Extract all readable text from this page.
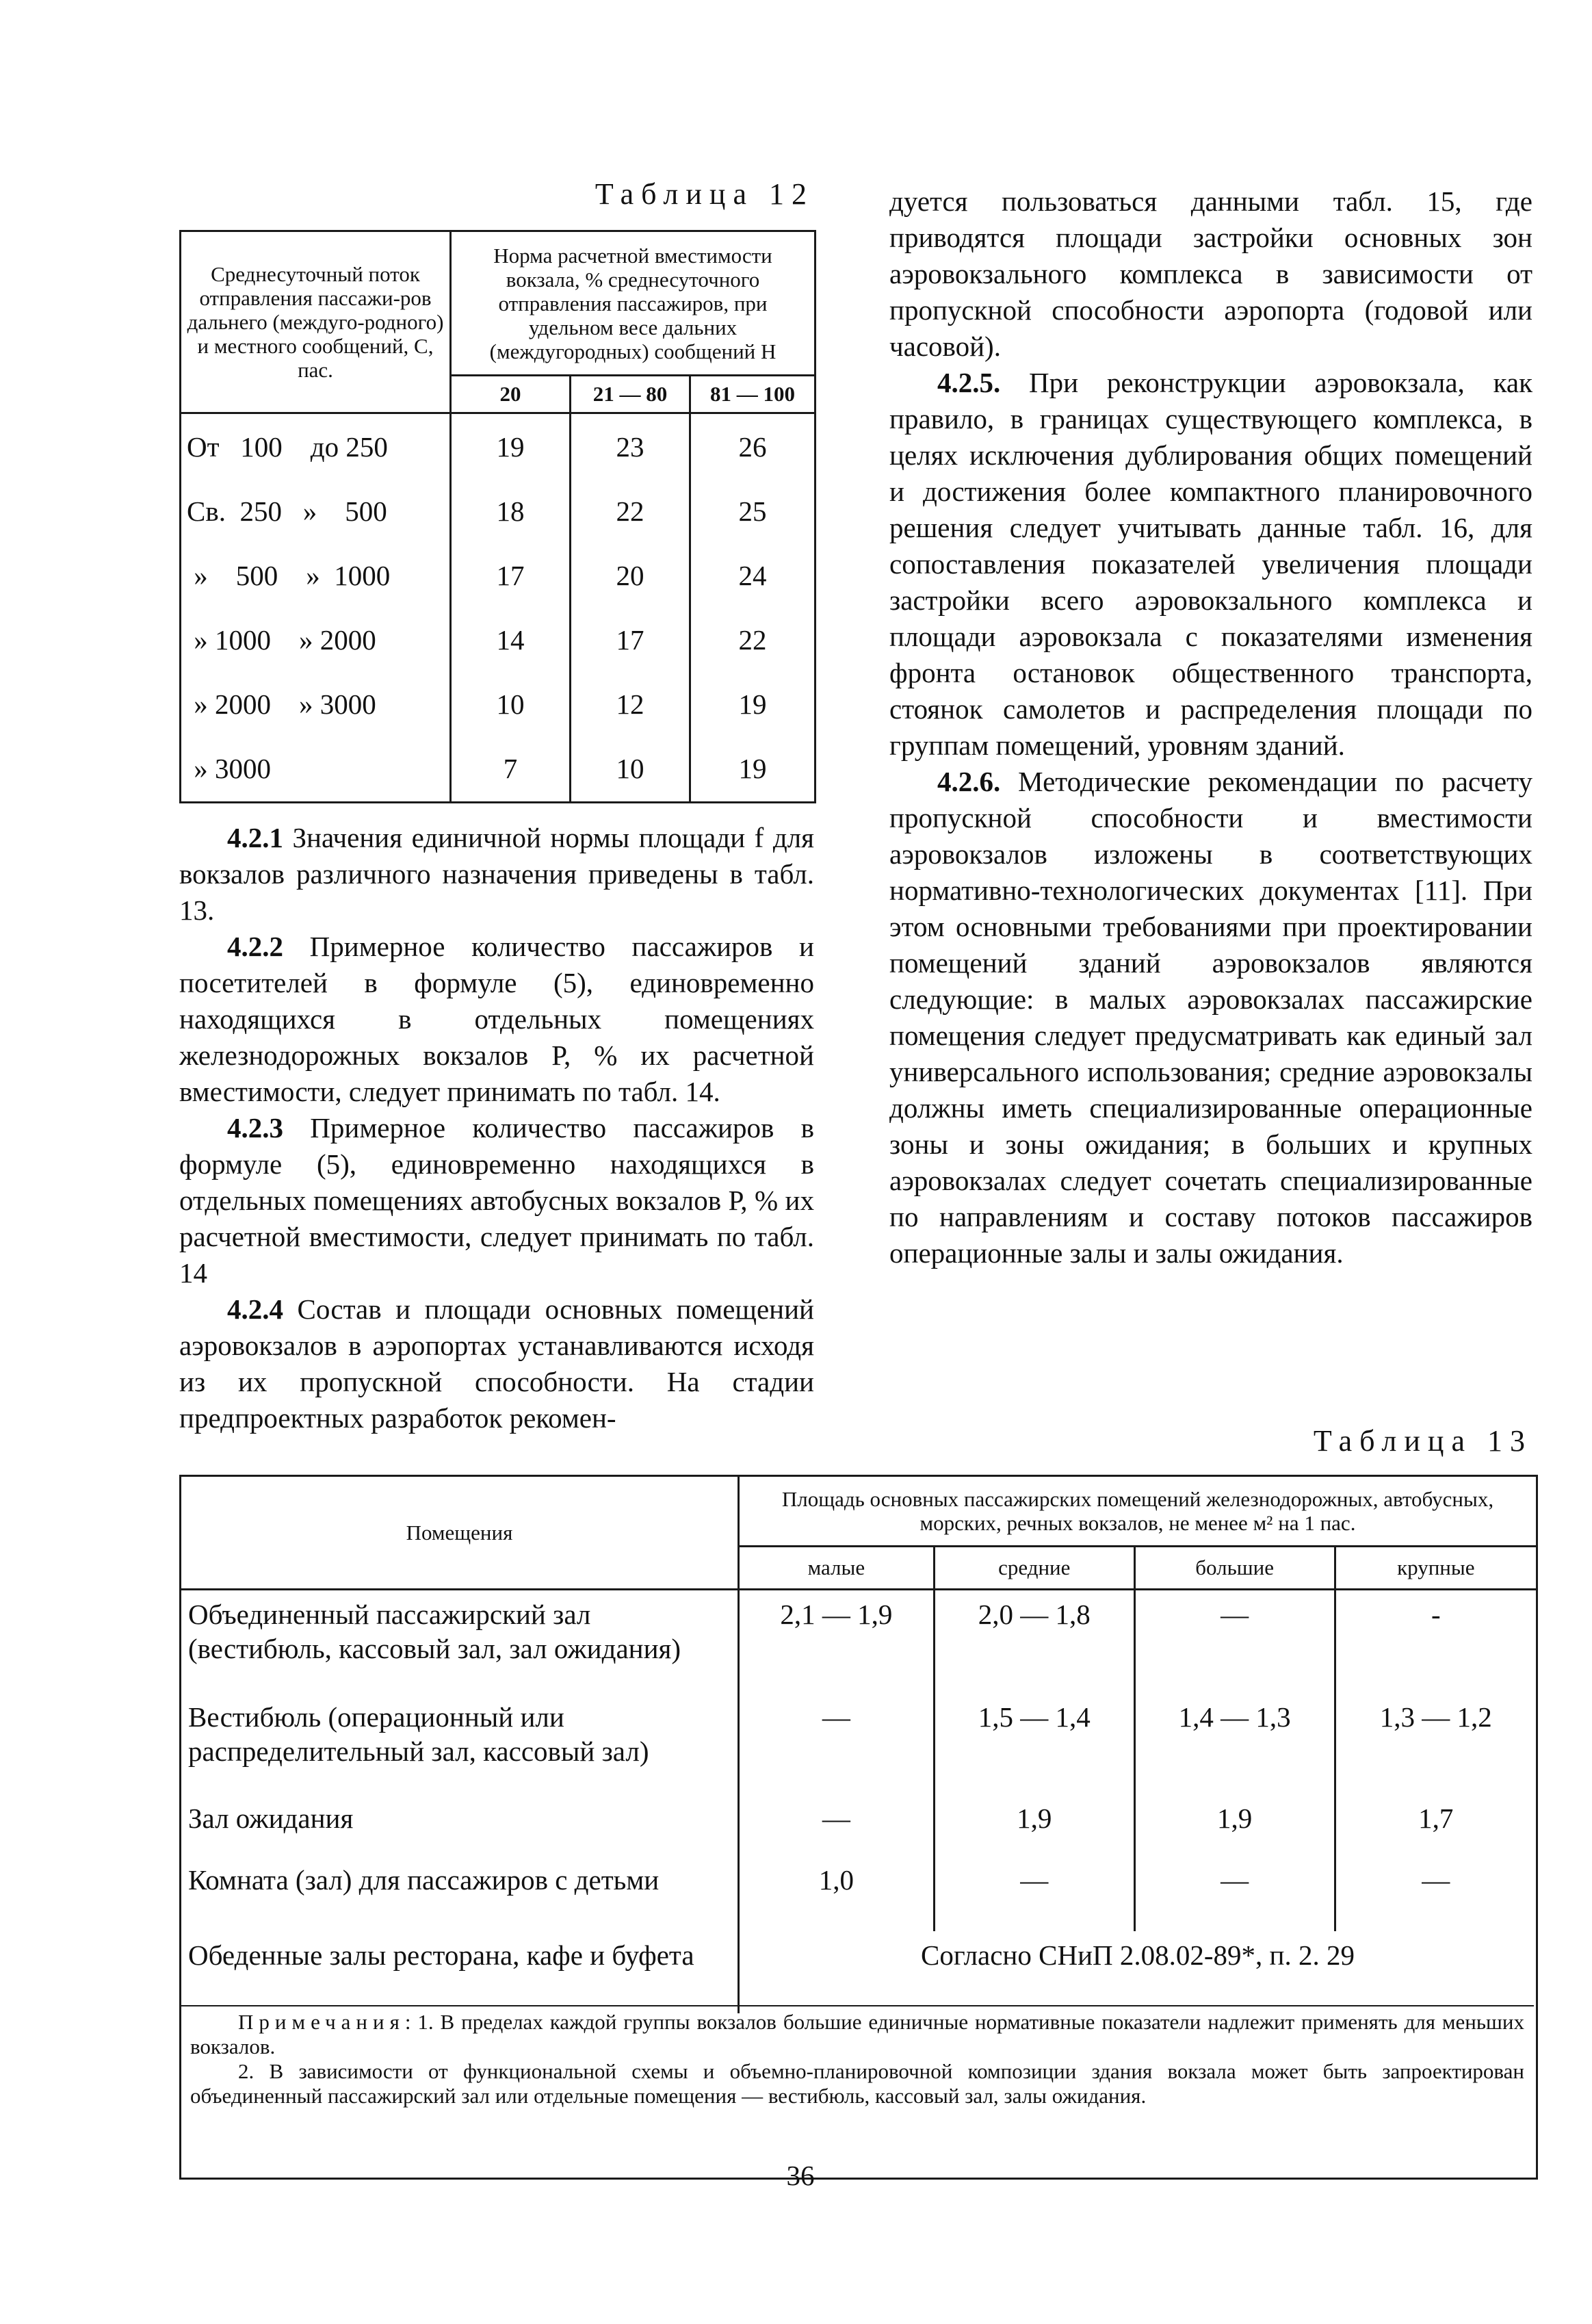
Таблица 12
Среднесуточный поток отправления пассажи-ров дальнего (междуго-родного) и местного сообщений, С, пас.	Норма расчетной вместимости вокзала, % среднесуточного отправления пассажиров, при удельном весе дальних (междугородных) сообщений Н		
	20	21 — 80	81 — 100
От   100    до 250	19	23	26
Св.  250   »    500	18	22	25
»    500    »  1000	17	20	24
» 1000    » 2000	14	17	22
» 2000    » 3000	10	12	19
» 3000	7	10	19

4.2.1 Значения единичной нормы площади f для вокзалов различного назначения приведены в табл. 13.

4.2.2 Примерное количество пассажиров и посетителей в формуле (5), единовременно находящихся в отдельных помещениях железнодорожных вокзалов Р, % их расчетной вместимости, следует принимать по табл. 14.

4.2.3 Примерное количество пассажиров в формуле (5), единовременно находящихся в отдельных помещениях автобусных вокзалов Р, % их расчетной вместимости, следует принимать по табл. 14

4.2.4 Состав и площади основных помещений аэровокзалов в аэропортах устанавливаются исходя из их пропускной способности. На стадии предпроектных разработок рекомен-

дуется пользоваться данными табл. 15, где приводятся площади застройки основных зон аэровокзального комплекса в зависимости от пропускной способности аэропорта (годовой или часовой).

4.2.5. При реконструкции аэровокзала, как правило, в границах существующего комплекса, в целях исключения дублирования общих помещений и достижения более компактного планировочного решения следует учитывать данные табл. 16, для сопоставления показателей увеличения площади застройки всего аэровокзального комплекса и площади аэровокзала с показателями изменения фронта остановок общественного транспорта, стоянок самолетов и распределения площади по группам помещений, уровням зданий.

4.2.6. Методические рекомендации по расчету пропускной способности и вместимости аэровокзалов изложены в соответствующих нормативно-технологических документах [11]. При этом основными требованиями при проектировании помещений зданий аэровокзалов являются следующие: в малых аэровокзалах пассажирские помещения следует предусматривать как единый зал универсального использования; средние аэровокзалы должны иметь специализированные операционные зоны и зоны ожидания; в больших и крупных аэровокзалах следует сочетать специализированные по направлениям и составу потоков пассажиров операционные залы и залы ожидания.

Таблица 13
Помещения	Площадь основных пассажирских помещений железнодорожных, автобусных, морских, речных вокзалов, не менее м² на 1 пас.			
	малые	средние	большие	крупные
Объединенный пассажирский зал (вестибюль, кассовый зал, зал ожидания)	2,1 — 1,9	2,0 — 1,8	—	-
Вестибюль (операционный или распределительный зал, кассовый зал)	—	1,5 — 1,4	1,4 — 1,3	1,3 — 1,2
Зал ожидания	—	1,9	1,9	1,7
Комната (зал) для пассажиров с детьми	1,0	—	—	—
Обеденные залы ресторана, кафе и буфета	Согласно СНиП 2.08.02-89*, п. 2. 29			

Примечания: 1. В пределах каждой группы вокзалов большие единичные нормативные показатели надлежит применять для меньших вокзалов.

2. В зависимости от функциональной схемы и объемно-планировочной композиции здания вокзала может быть запроектирован объединенный пассажирский зал или отдельные помещения — вестибюль, кассовый зал, залы ожидания.

36
